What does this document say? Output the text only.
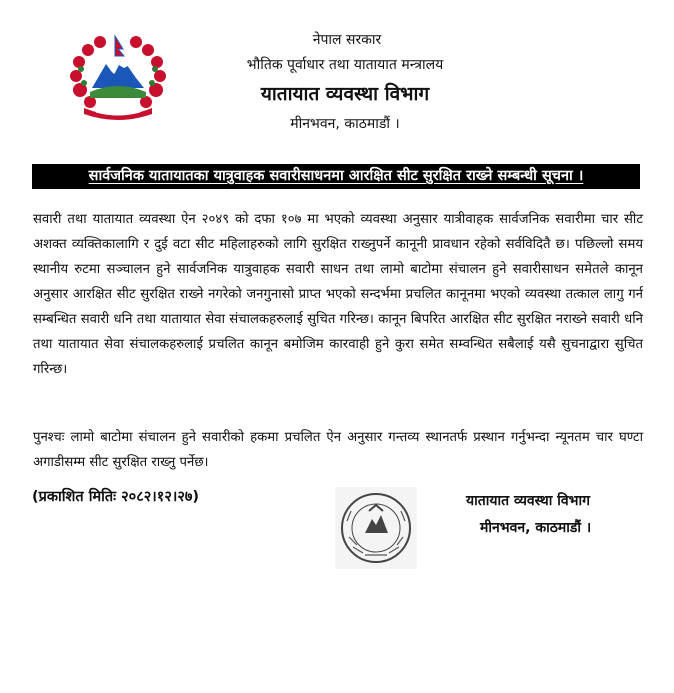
नेपाल सरकार
भौतिक पूर्वाधार तथा यातायात मन्त्रालय
यातायात व्यवस्था विभाग
मीनभवन, काठमाडौं ।
सार्वजनिक यातायातका यात्रुवाहक सवारीसाधनमा आरक्षित सीट सुरक्षित राख्ने सम्बन्धी सूचना ।

सवारी तथा यातायात व्यवस्था ऐन २०४९ को दफा १०७ मा भएको व्यवस्था अनुसार यात्रीवाहक सार्वजनिक सवारीमा चार सीट अशक्त व्यक्तिकालागि र दुई वटा सीट महिलाहरुको लागि सुरक्षित राख्नुपर्ने कानूनी प्रावधान रहेको सर्वविदितै छ। पछिल्लो समय स्थानीय रुटमा सञ्चालन हुने सार्वजनिक यात्रुवाहक सवारी साधन तथा लामो बाटोमा संचालन हुने सवारीसाधन समेतले कानून अनुसार आरक्षित सीट सुरक्षित राख्ने नगरेको जनगुनासो प्राप्त भएको सन्दर्भमा प्रचलित कानूनमा भएको व्यवस्था तत्काल लागु गर्न सम्बन्धित सवारी धनि तथा यातायात सेवा संचालकहरुलाई सुचित गरिन्छ। कानून बिपरित आरक्षित सीट सुरक्षित नराख्ने सवारी धनि तथा यातायात सेवा संचालकहरुलाई प्रचलित कानून बमोजिम कारवाही हुने कुरा समेत सम्वन्धित सबैलाई यसै सुचनाद्वारा सुचित गरिन्छ।

पुनश्चः लामो बाटोमा संचालन हुने सवारीको हकमा प्रचलित ऐन अनुसार गन्तव्य स्थानतर्फ प्रस्थान गर्नुभन्दा न्यूनतम चार घण्टा अगाडीसम्म सीट सुरक्षित राख्नु पर्नेछ।

(प्रकाशित मितिः २०८२।१२।२७)	यातायात व्यवस्था विभाग
मीनभवन, काठमाडौं ।
